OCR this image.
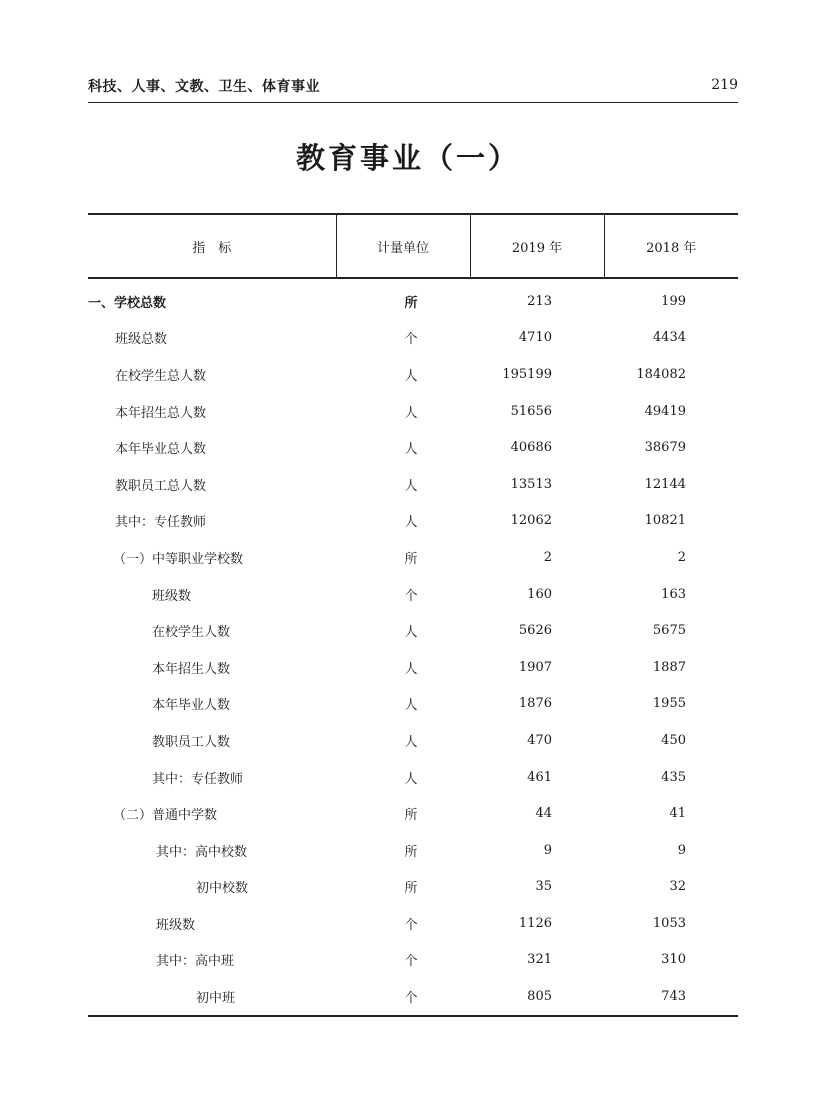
科技、人事、文教、卫生、体育事业	219
教育事业（一）
指　标	计量单位	2019 年	2018 年
一、学校总数	所	213	199
班级总数	个	4710	4434
在校学生总人数	人	195199	184082
本年招生总人数	人	51656	49419
本年毕业总人数	人	40686	38679
教职员工总人数	人	13513	12144
其中：专任教师	人	12062	10821
（一）中等职业学校数	所	2	2
班级数	个	160	163
在校学生人数	人	5626	5675
本年招生人数	人	1907	1887
本年毕业人数	人	1876	1955
教职员工人数	人	470	450
其中：专任教师	人	461	435
（二）普通中学数	所	44	41
其中：高中校数	所	9	9
初中校数	所	35	32
班级数	个	1126	1053
其中：高中班	个	321	310
初中班	个	805	743
